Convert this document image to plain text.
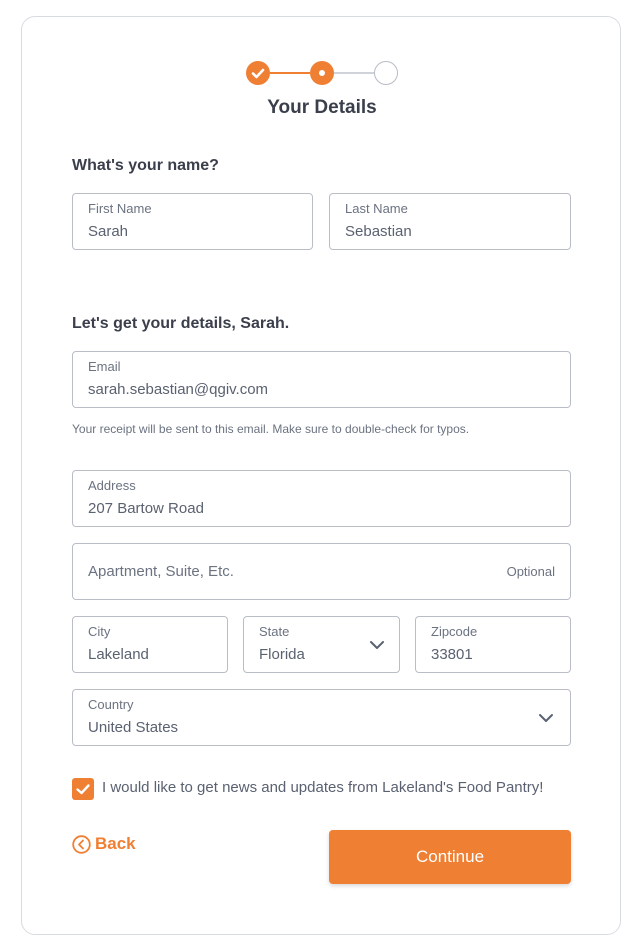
Your Details
What's your name?
First Name
Sarah
Last Name
Sebastian
Let's get your details, Sarah.
Email
sarah.sebastian@qgiv.com
Your receipt will be sent to this email. Make sure to double-check for typos.
Address
207 Bartow Road
Apartment, Suite, Etc.	Optional
City
Lakeland
State
Florida
Zipcode
33801
Country
United States
I would like to get news and updates from Lakeland's Food Pantry!
Back
Continue
